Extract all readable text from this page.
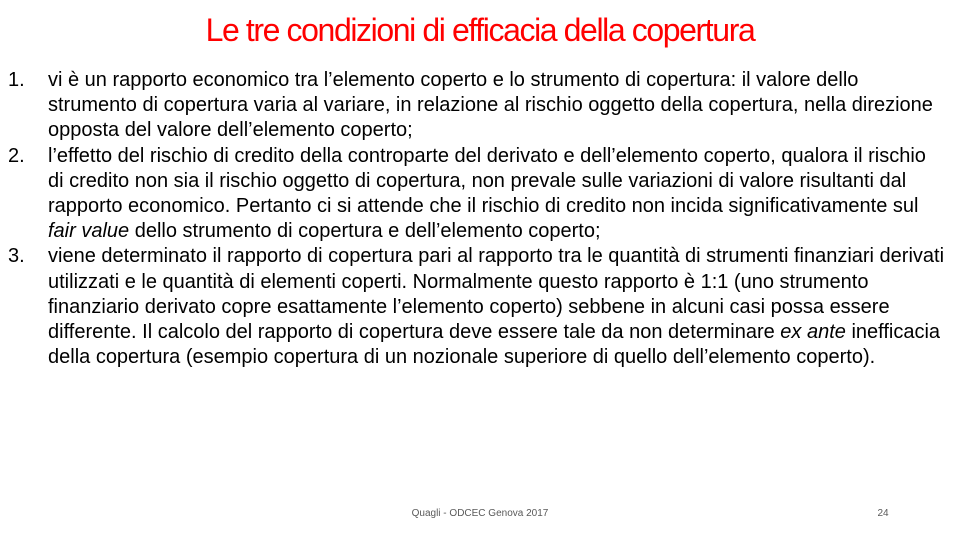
Le tre condizioni di efficacia della copertura
1. vi è un rapporto economico tra l’elemento coperto e lo strumento di copertura: il valore dello strumento di copertura varia al variare, in relazione al rischio oggetto della copertura, nella direzione opposta del valore dell’elemento coperto;
2. l’effetto del rischio di credito della controparte del derivato e dell’elemento coperto, qualora il rischio di credito non sia il rischio oggetto di copertura, non prevale sulle variazioni di valore risultanti dal rapporto economico. Pertanto ci si attende che il rischio di credito non incida significativamente sul fair value dello strumento di copertura e dell’elemento coperto;
3. viene determinato il rapporto di copertura pari al rapporto tra le quantità di strumenti finanziari derivati utilizzati e le quantità di elementi coperti. Normalmente questo rapporto è 1:1 (uno strumento finanziario derivato copre esattamente l’elemento coperto) sebbene in alcuni casi possa essere differente. Il calcolo del rapporto di copertura deve essere tale da non determinare ex ante inefficacia della copertura (esempio copertura di un nozionale superiore di quello dell’elemento coperto).
Quagli - ODCEC Genova 2017	24
